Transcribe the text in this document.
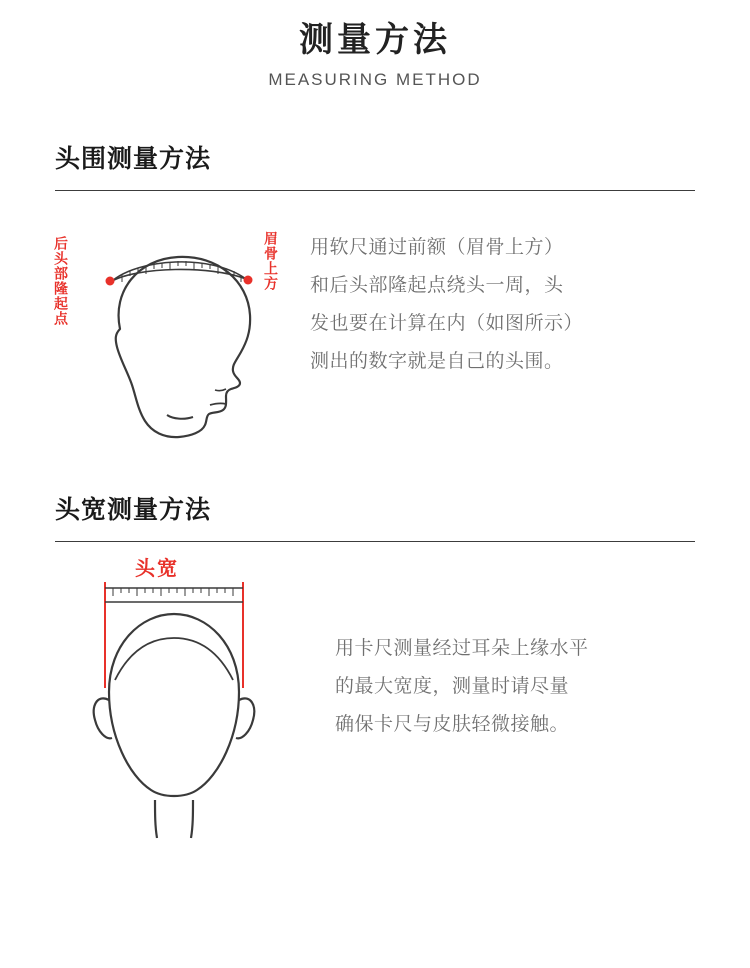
测量方法
MEASURING METHOD
头围测量方法
后头部隆起点	眉骨上方 用软尺通过前额（眉骨上方）

和后头部隆起点绕头一周，头

发也要在计算在内（如图所示）

测出的数字就是自己的头围。

头宽测量方法
头宽

用卡尺测量经过耳朵上缘水平

的最大宽度，测量时请尽量

确保卡尺与皮肤轻微接触。
